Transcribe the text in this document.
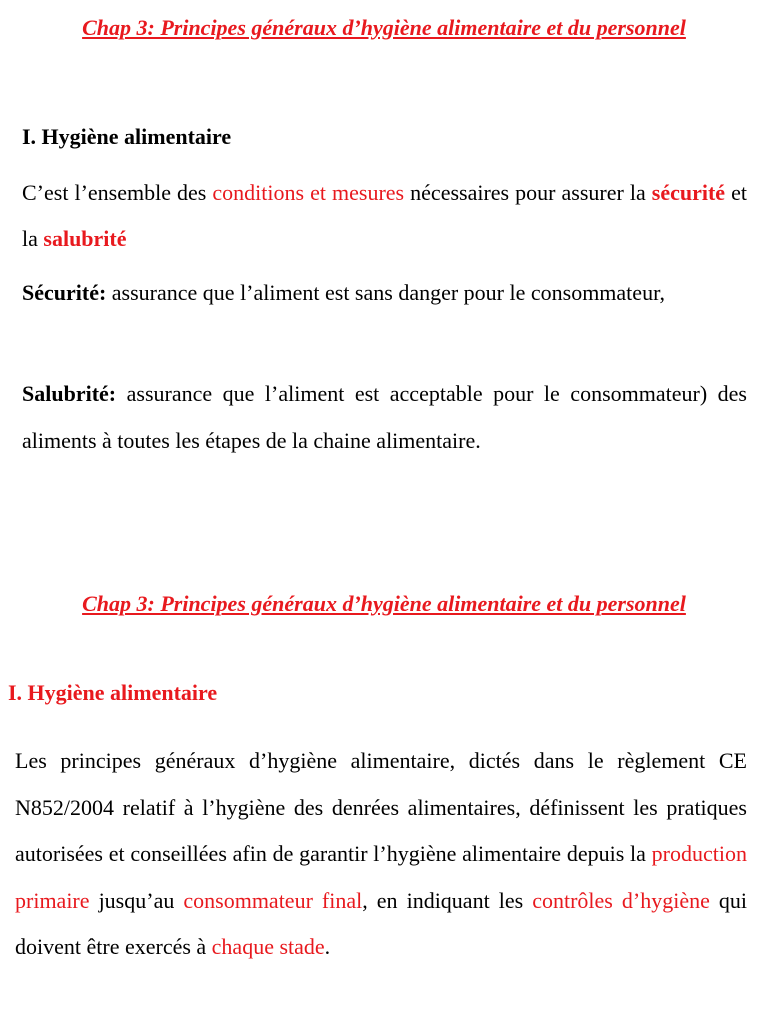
Chap 3: Principes généraux d’hygiène alimentaire et du personnel

I. Hygiène alimentaire

C’est l’ensemble des conditions et mesures nécessaires pour assurer la sécurité et la salubrité

Sécurité: assurance que l’aliment est sans danger pour le consommateur,

Salubrité: assurance que l’aliment est acceptable pour le consommateur) des aliments à toutes les étapes de la chaine alimentaire.

Chap 3: Principes généraux d’hygiène alimentaire et du personnel

I. Hygiène alimentaire

Les principes généraux d’hygiène alimentaire, dictés dans le règlement CE N852/2004 relatif à l’hygiène des denrées alimentaires, définissent les pratiques autorisées et conseillées afin de garantir l’hygiène alimentaire depuis la production primaire jusqu’au consommateur final, en indiquant les contrôles d’hygiène qui doivent être exercés à chaque stade.
